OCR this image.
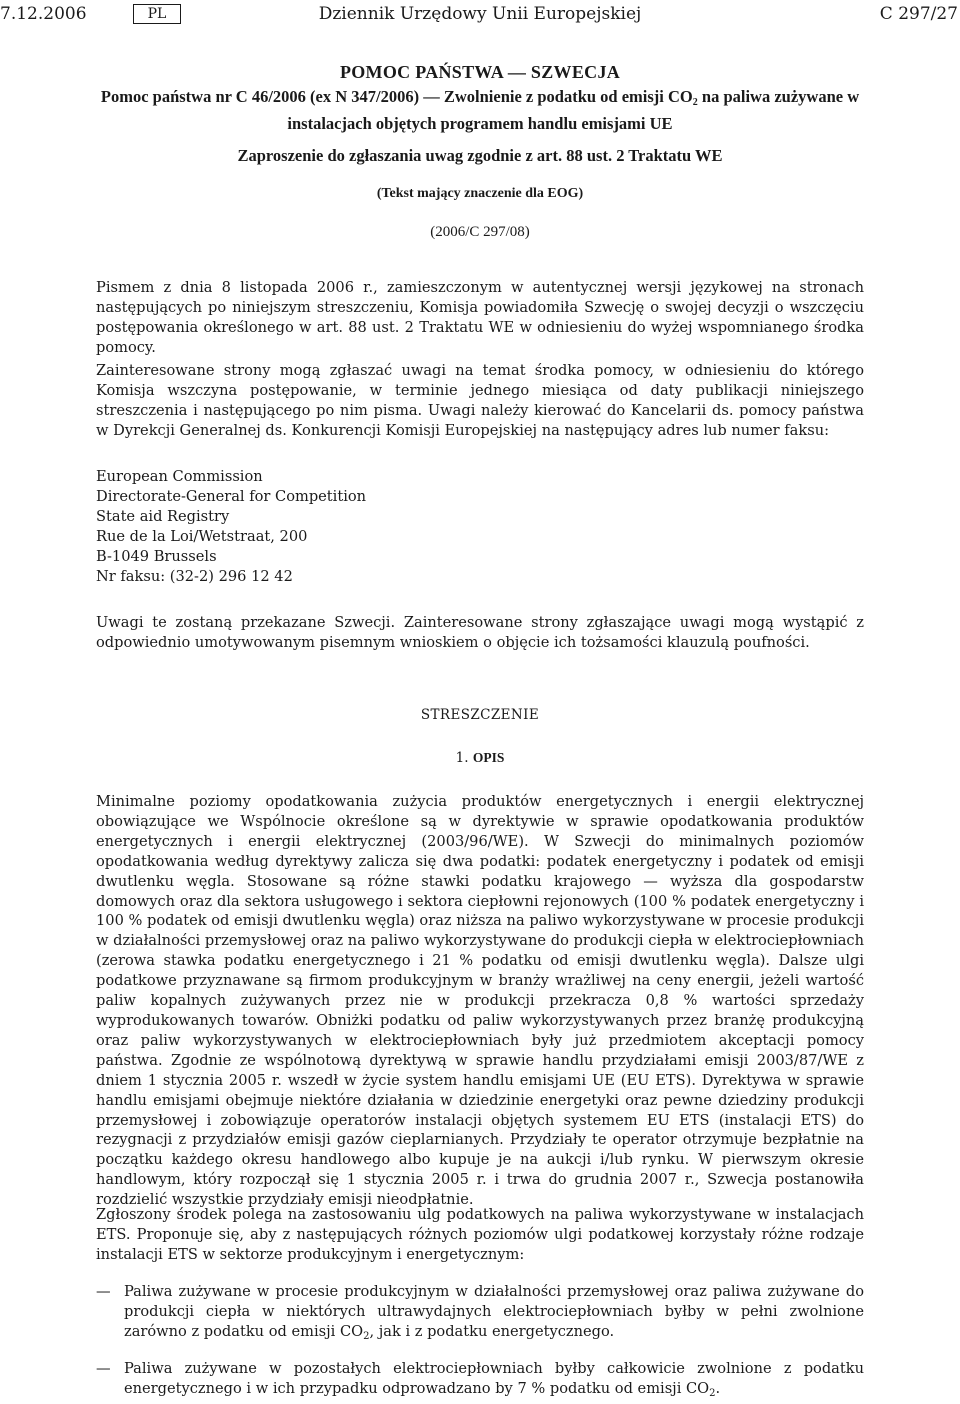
7.12.2006	PL	Dziennik Urzędowy Unii Europejskiej	C 297/27
POMOC PAŃSTWA — SZWECJA
Pomoc państwa nr C 46/2006 (ex N 347/2006) — Zwolnienie z podatku od emisji $CO_2$ na paliwa zużywane w instalacjach objętych programem handlu emisjami UE
Zaproszenie do zgłaszania uwag zgodnie z art. 88 ust. 2 Traktatu WE
(Tekst mający znaczenie dla EOG)
(2006/C 297/08)
Pismem z dnia 8 listopada 2006 r., zamieszczonym w autentycznej wersji językowej na stronach następujących po niniejszym streszczeniu, Komisja powiadomiła Szwecję o swojej decyzji o wszczęciu postępowania określonego w art. 88 ust. 2 Traktatu WE w odniesieniu do wyżej wspomnianego środka pomocy.
Zainteresowane strony mogą zgłaszać uwagi na temat środka pomocy, w odniesieniu do którego Komisja wszczyna postępowanie, w terminie jednego miesiąca od daty publikacji niniejszego streszczenia i następującego po nim pisma. Uwagi należy kierować do Kancelarii ds. pomocy państwa w Dyrekcji Generalnej ds. Konkurencji Komisji Europejskiej na następujący adres lub numer faksu:
European Commission
Directorate-General for Competition
State aid Registry
Rue de la Loi/Wetstraat, 200
B-1049 Brussels
Nr faksu: (32-2) 296 12 42
Uwagi te zostaną przekazane Szwecji. Zainteresowane strony zgłaszające uwagi mogą wystąpić z odpowiednio umotywowanym pisemnym wnioskiem o objęcie ich tożsamości klauzulą poufności.
STRESZCZENIE
1. OPIS
Minimalne poziomy opodatkowania zużycia produktów energetycznych i energii elektrycznej obowiązujące we Wspólnocie określone są w dyrektywie w sprawie opodatkowania produktów energetycznych i energii elektrycznej (2003/96/WE). W Szwecji do minimalnych poziomów opodatkowania według dyrektywy zalicza się dwa podatki: podatek energetyczny i podatek od emisji dwutlenku węgla. Stosowane są różne stawki podatku krajowego — wyższa dla gospodarstw domowych oraz dla sektora usługowego i sektora ciepłowni rejonowych (100 % podatek energetyczny i 100 % podatek od emisji dwutlenku węgla) oraz niższa na paliwo wykorzystywane w procesie produkcji w działalności przemysłowej oraz na paliwo wykorzystywane do produkcji ciepła w elektrociepłowniach (zerowa stawka podatku energetycznego i 21 % podatku od emisji dwutlenku węgla). Dalsze ulgi podatkowe przyznawane są firmom produkcyjnym w branży wrażliwej na ceny energii, jeżeli wartość paliw kopalnych zużywanych przez nie w produkcji przekracza 0,8 % wartości sprzedaży wyprodukowanych towarów. Obniżki podatku od paliw wykorzystywanych przez branżę produkcyjną oraz paliw wykorzystywanych w elektrociepłowniach były już przedmiotem akceptacji pomocy państwa. Zgodnie ze wspólnotową dyrektywą w sprawie handlu przydziałami emisji 2003/87/WE z dniem 1 stycznia 2005 r. wszedł w życie system handlu emisjami UE (EU ETS). Dyrektywa w sprawie handlu emisjami obejmuje niektóre działania w dziedzinie energetyki oraz pewne dziedziny produkcji przemysłowej i zobowiązuje operatorów instalacji objętych systemem EU ETS (instalacji ETS) do rezygnacji z przydziałów emisji gazów cieplarnianych. Przydziały te operator otrzymuje bezpłatnie na początku każdego okresu handlowego albo kupuje je na aukcji i/lub rynku. W pierwszym okresie handlowym, który rozpoczął się 1 stycznia 2005 r. i trwa do grudnia 2007 r., Szwecja postanowiła rozdzielić wszystkie przydziały emisji nieodpłatnie.
Zgłoszony środek polega na zastosowaniu ulg podatkowych na paliwa wykorzystywane w instalacjach ETS. Proponuje się, aby z następujących różnych poziomów ulgi podatkowej korzystały różne rodzaje instalacji ETS w sektorze produkcyjnym i energetycznym:
— Paliwa zużywane w procesie produkcyjnym w działalności przemysłowej oraz paliwa zużywane do produkcji ciepła w niektórych ultrawydajnych elektrociepłowniach byłby w pełni zwolnione zarówno z podatku od emisji $CO_2$, jak i z podatku energetycznego.
— Paliwa zużywane w pozostałych elektrociepłowniach byłby całkowicie zwolnione z podatku energetycznego i w ich przypadku odprowadzano by 7 % podatku od emisji $CO_2$.
